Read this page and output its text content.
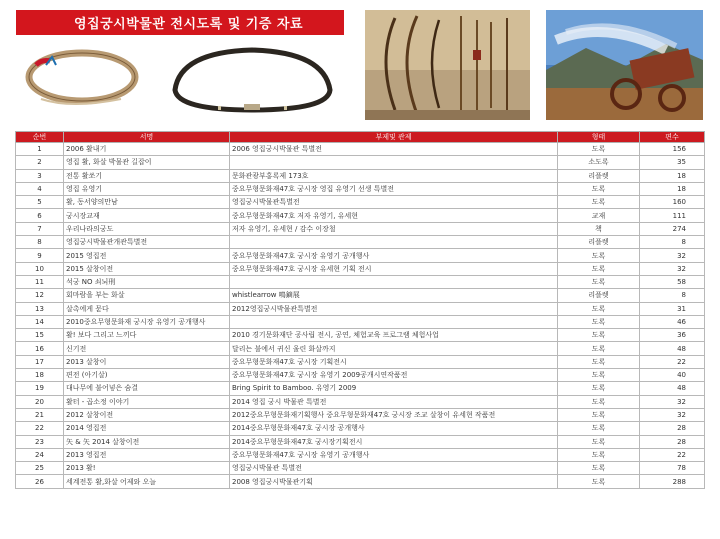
영집궁시박물관 전시도록 및 기증 자료
순번	서명	부제및 관제	형태	편수
1	2006 활내기	2006 영집궁시박물관 특별전	도록	156
2	영집 활, 화살 박물관 길잡이		소도록	35
3	전통 활쏘기	문화관광부홍록제 173호	리플렛	18
4	영집 유영기	중요무형문화재47호 궁시장 영집 유영기 선생 특별전	도록	18
5	활, 동서양의만남	영집궁시박물관특별전	도록	160
6	궁시장교재	중요무형문화재47호 저자 유영기, 유세현	교재	111
7	우리나라의궁도	저자 유영기, 유세현 / 감수 이장철	책	274
8	영집궁시박물관개관특별전		리플렛	8
9	2015 영집전	중요무형문화재47호 궁시장 유영기 공개행사	도록	32
10	2015 살창이전	중요무형문화재47호 궁시장 유세현 기획 전시	도록	32
11	석궁 NO 쇠뇌刑		도록	58
12	회마람을 부는 화살	whistlearrow 鳴鏑展	리플렛	8
13	살촉에게 묻다	2012영집궁시박물관특별전	도록	31
14	2010중요무형문화재 궁시장 유영기 공개행사		도록	46
15	활! 보다 그리고 느끼다	2010 경기문화재단 공사립 전시, 공연, 체험교육 프로그램 체험사업	도록	36
16	신기전	달리는 불에서 귀신 울린 화살까지	도록	48
17	2013 살창이	중요무형문화재47호 궁시장 기획전시	도록	22
18	편전 (아기살)	중요무형문화재47호 궁시장 유영기 2009공개시연작품전	도록	40
19	대나무에 불어넣은 숨결	Bring Spirit to Bamboo. 유영기 2009	도록	48
20	활터 - 곱소정 이야기	2014 영집 궁시 박물관 특별전	도록	32
21	2012 살창이전	2012중요무형문화재기획행사 중요무형문화재47호 궁시장 조교 살창이 유세현 작품전	도록	32
22	2014 영집전	2014중요무형문화재47호 궁시장 공개행사	도록	28
23	矢 & 矢 2014 살창이전	2014중요무형문화재47호 궁시장기획전시	도록	28
24	2013 영집전	중요무형문화재47호 궁시장 유영기 공개행사	도록	22
25	2013 활!	영집궁시박물관 특별전	도록	78
26	세계전통 활,화살 어제와 오늘	2008 영집궁시박물관기획	도록	288
